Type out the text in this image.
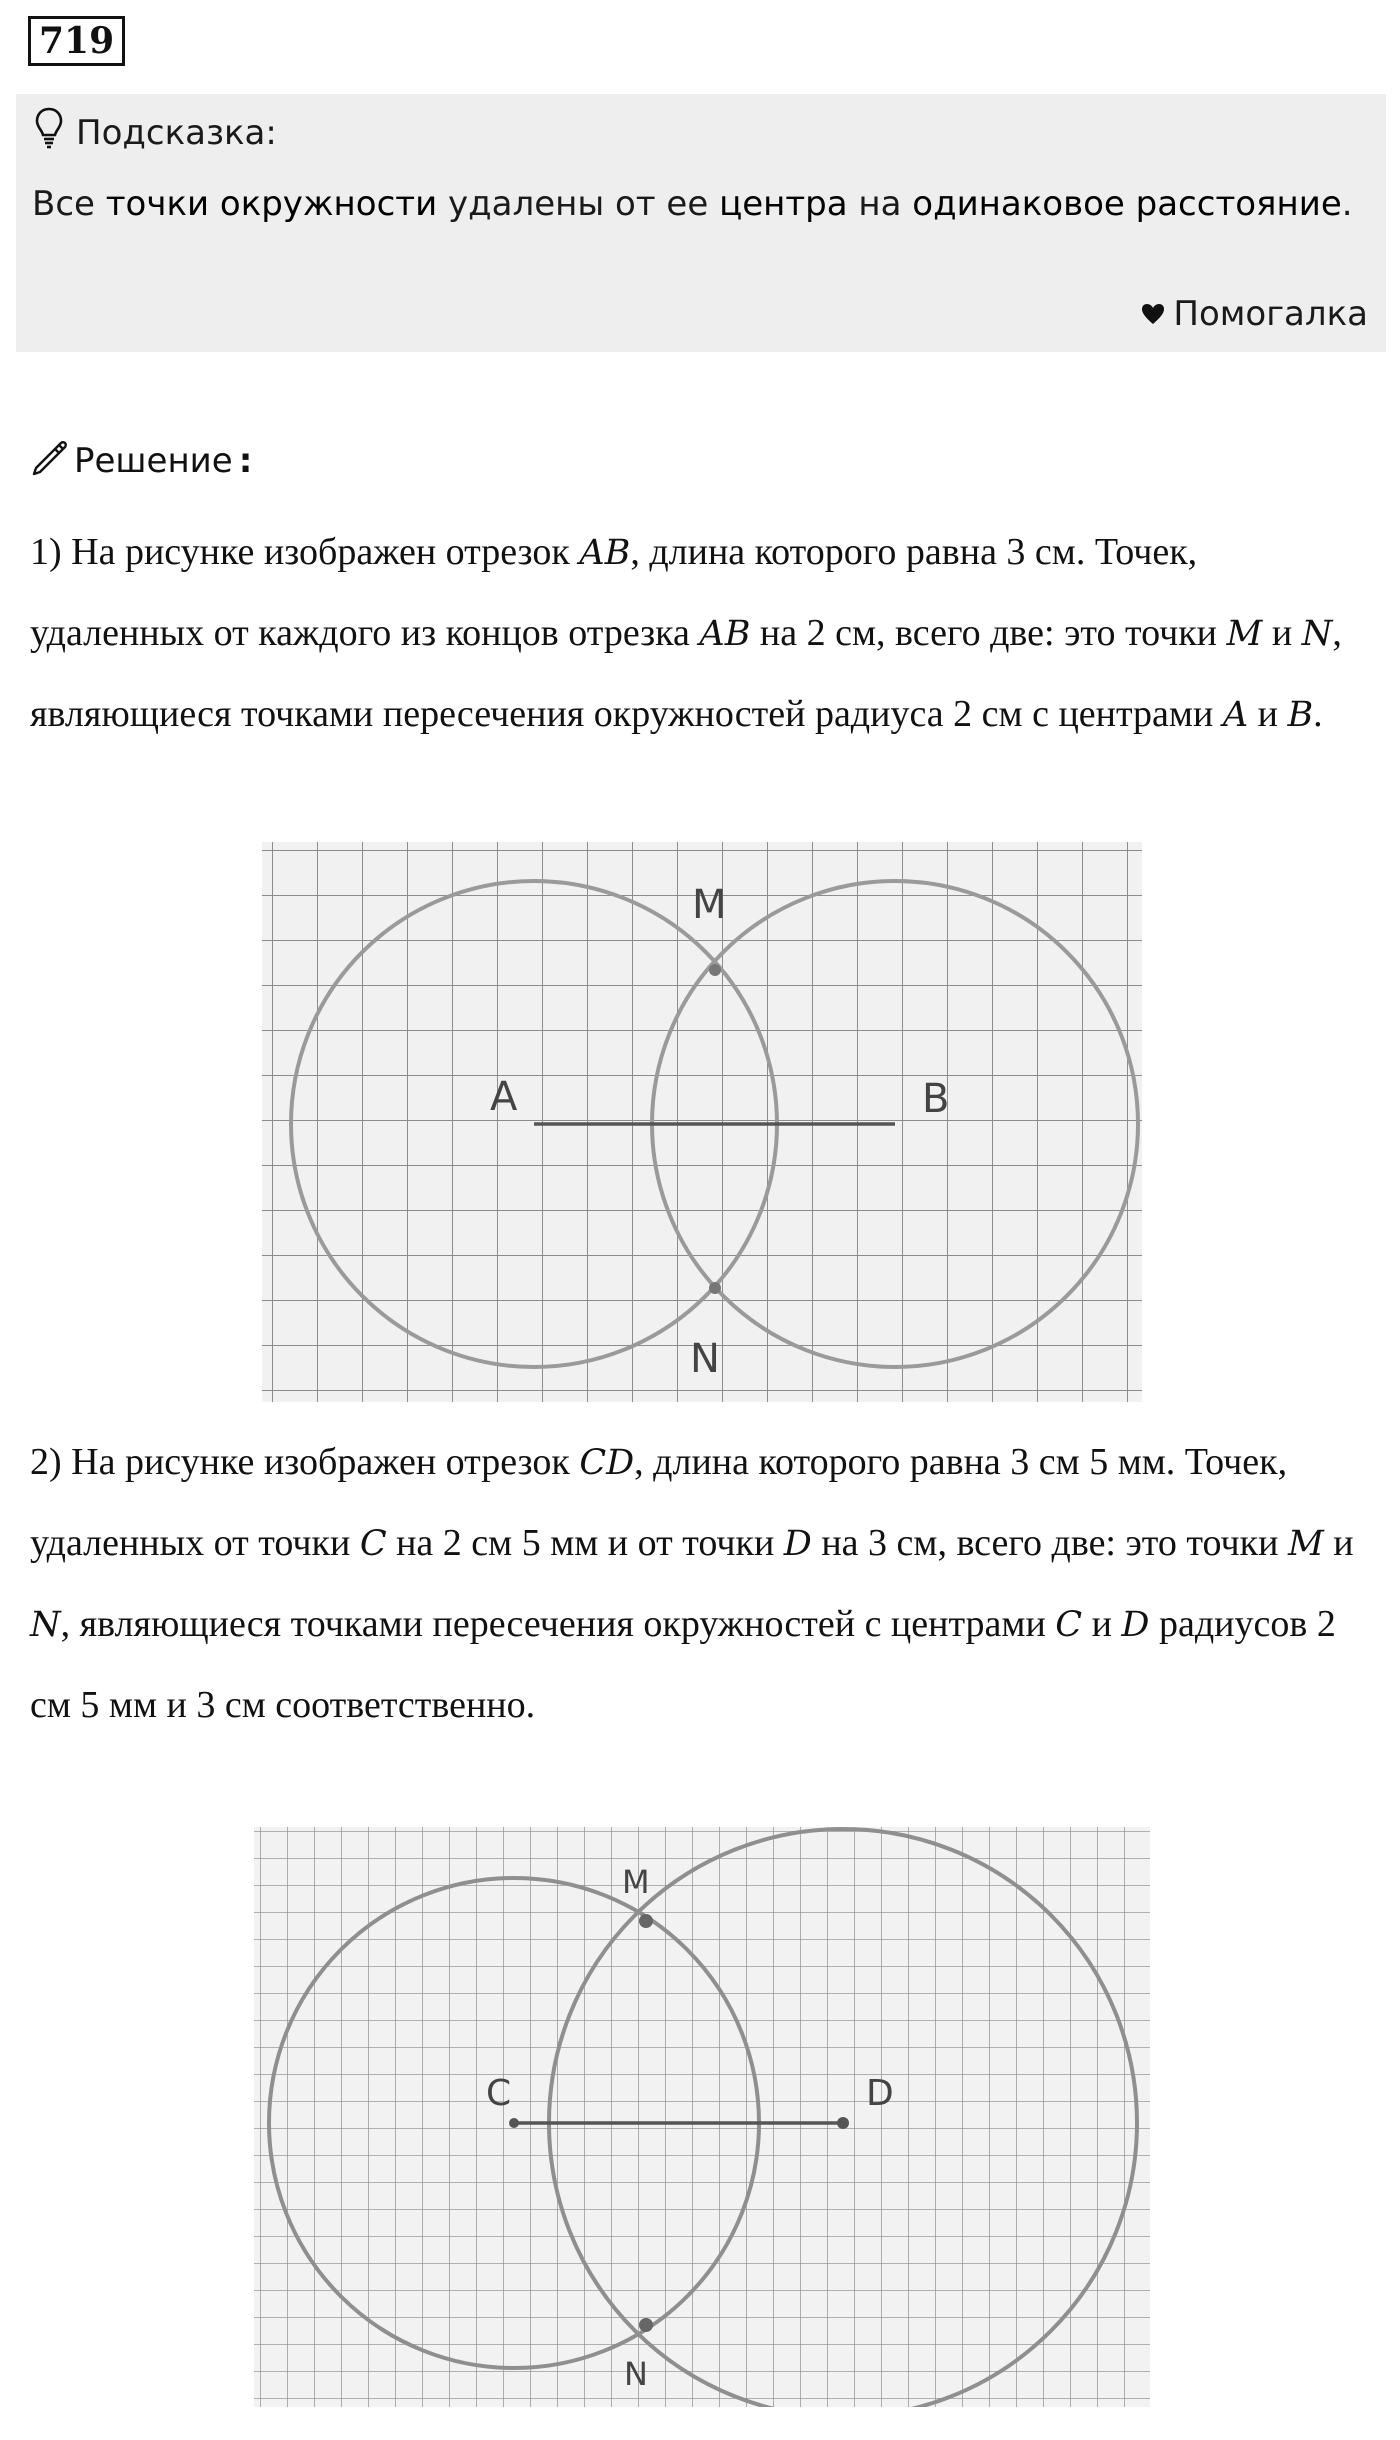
719
Подсказка:
Все точки окружности удалены от ее центра на одинаковое расстояние.
Помогалка
Решение :
1) На рисунке изображен отрезок AB, длина которого равна 3 см. Точек, удаленных от каждого из концов отрезка AB на 2 см, всего две: это точки M и N, являющиеся точками пересечения окружностей радиуса 2 см с центрами A и B.
A	B
M
N
2) На рисунке изображен отрезок CD, длина которого равна 3 см 5 мм. Точек, удаленных от точки C на 2 см 5 мм и от точки D на 3 см, всего две: это точки M и N, являющиеся точками пересечения окружностей с центрами C и D радиусов 2 см 5 мм и 3 см соответственно.
C	D
M
N
